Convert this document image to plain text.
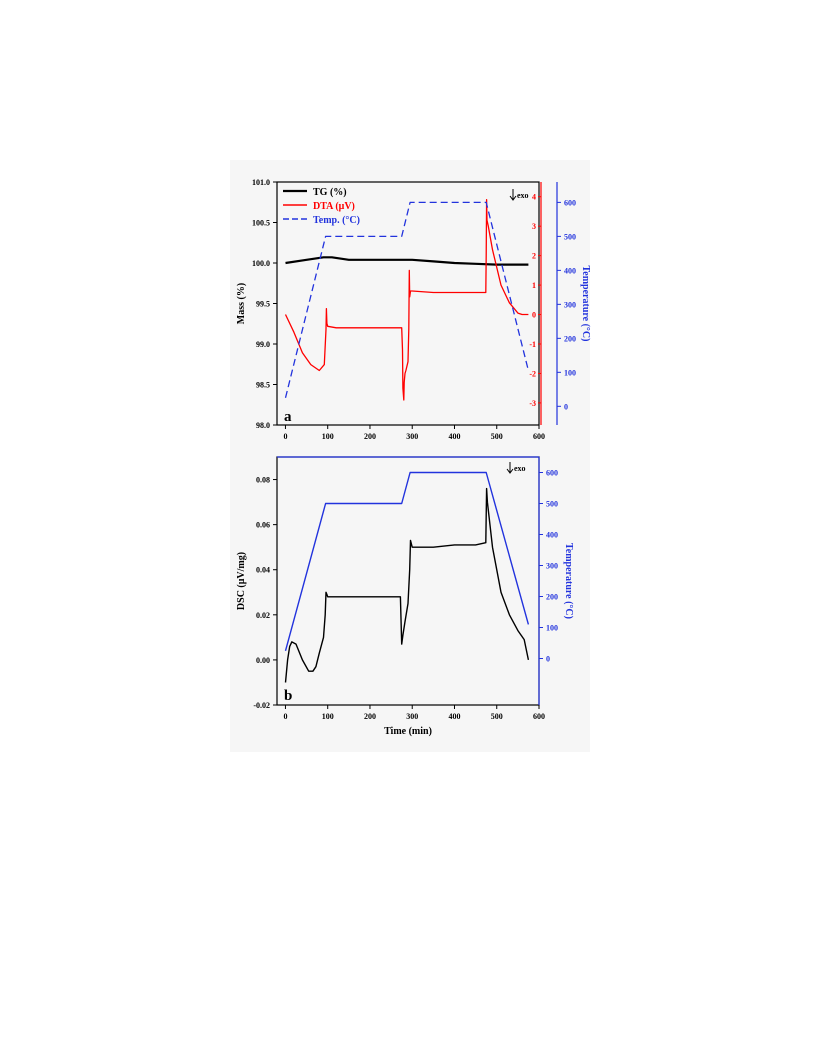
0	100	200	300	400	500	600
98.0
98.5
99.0
99.5
100.0
100.5
101.0
-3
-2
-1
0
1
2
3
4
0
100
200
300
400
500
600
Mass (%)	Temperature (°C)
TG (%)
DTA (μV)
Temp. (°C)
a
exo
0	100	200	300	400	500	600
-0.02
0.00
0.02
0.04
0.06
0.08
0
100
200
300
400
500
600
Time (min)
DSC (μV/mg)	Temperature (°C)
b
exo
